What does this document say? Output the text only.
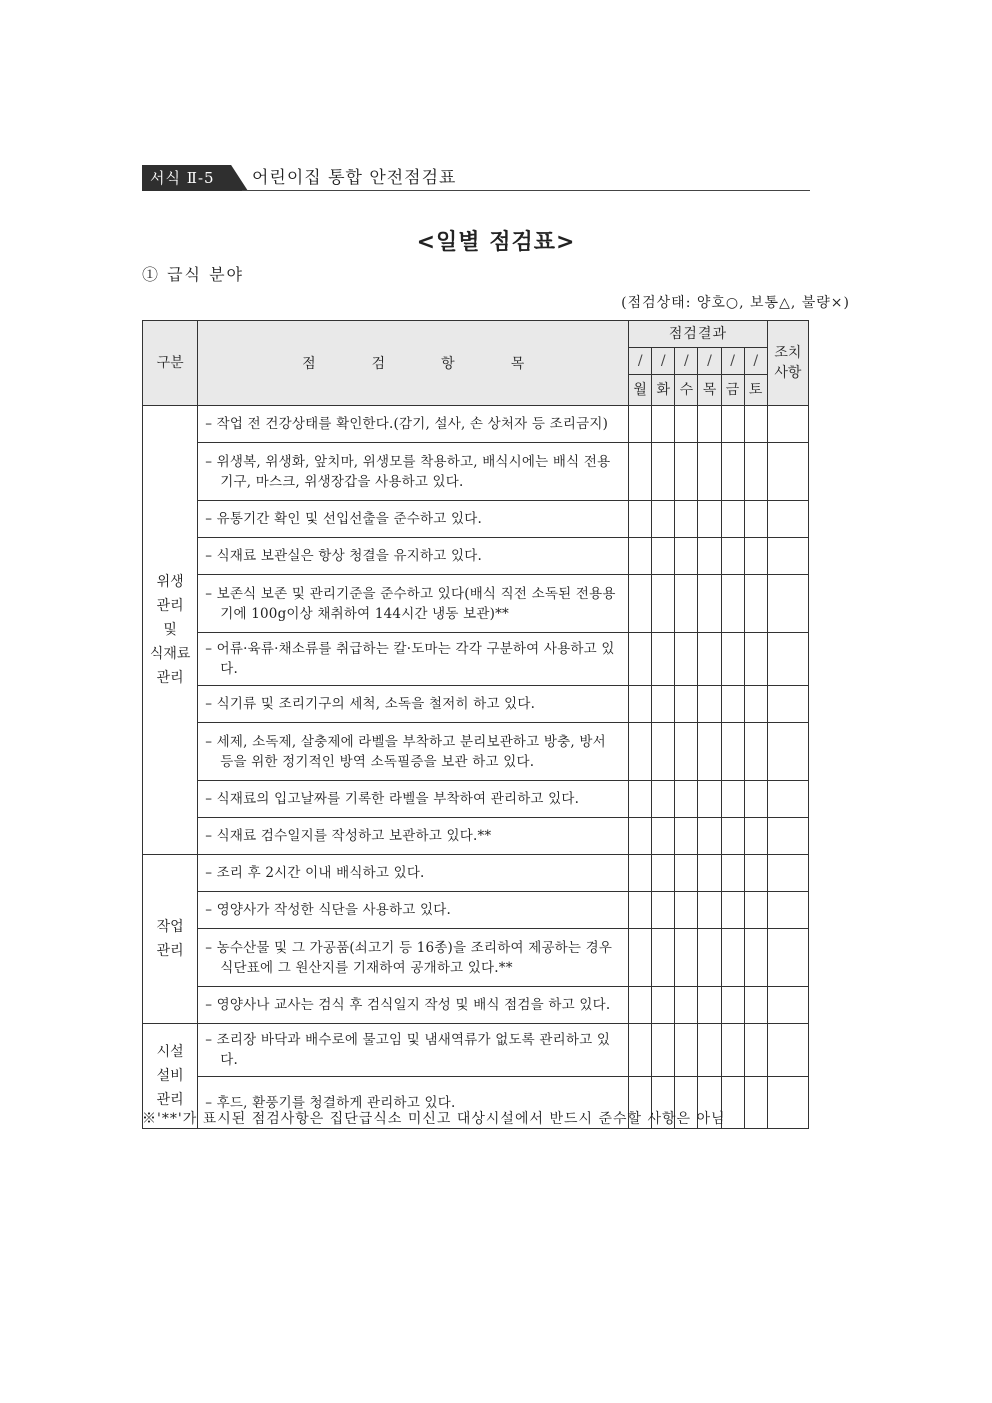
서식 Ⅱ-5	어린이집 통합 안전점검표
<일별 점검표>
① 급식 분야
(점검상태: 양호○, 보통△, 불량×)
구분	점검항목	점검결과						조치사항
		/	/	/	/	/	/	
		월	화	수	목	금	토	
위생
관리
및
식재료
관리	– 작업 전 건강상태를 확인한다.(감기, 설사, 손 상처자 등 조리금지)							

	– 위생복, 위생화, 앞치마, 위생모를 착용하고, 배식시에는 배식 전용기구, 마스크, 위생장갑을 사용하고 있다.							

	– 유통기간 확인 및 선입선출을 준수하고 있다.							

	– 식재료 보관실은 항상 청결을 유지하고 있다.							

	– 보존식 보존 및 관리기준을 준수하고 있다(배식 직전 소독된 전용용기에 100g이상 채취하여 144시간 냉동 보관)**							

	– 어류·육류·채소류를 취급하는 칼·도마는 각각 구분하여 사용하고 있다.							

	– 식기류 및 조리기구의 세척, 소독을 철저히 하고 있다.							

	– 세제, 소독제, 살충제에 라벨을 부착하고 분리보관하고 방충, 방서 등을 위한 정기적인 방역 소독필증을 보관 하고 있다.							

	– 식재료의 입고날짜를 기록한 라벨을 부착하여 관리하고 있다.							

	– 식재료 검수일지를 작성하고 보관하고 있다.**							

작업
관리	– 조리 후 2시간 이내 배식하고 있다.							

	– 영양사가 작성한 식단을 사용하고 있다.							

	– 농수산물 및 그 가공품(쇠고기 등 16종)을 조리하여 제공하는 경우 식단표에 그 원산지를 기재하여 공개하고 있다.**							

	– 영양사나 교사는 검식 후 검식일지 작성 및 배식 점검을 하고 있다.							

시설
설비
관리	– 조리장 바닥과 배수로에 물고임 및 냄새역류가 없도록 관리하고 있다.							

	– 후드, 환풍기를 청결하게 관리하고 있다.							

※'**'가 표시된 점검사항은 집단급식소 미신고 대상시설에서 반드시 준수할 사항은 아님
